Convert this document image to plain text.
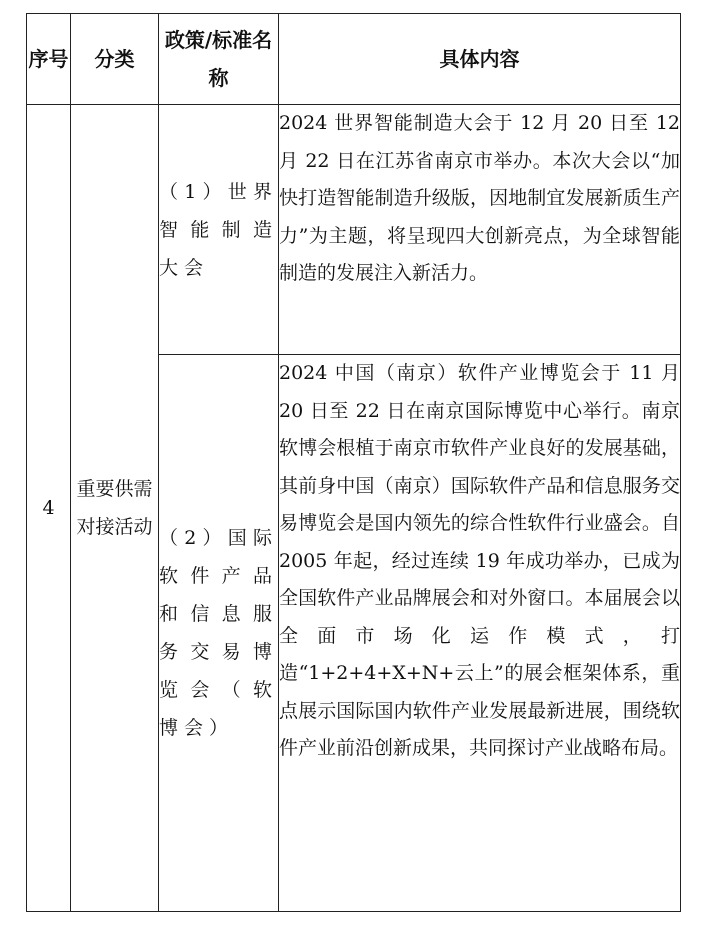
序号	分类	政策/标准名称	具体内容
4	重要供需对接活动	（1）世界智能制造大会	2024 世界智能制造大会于 12 月 20 日至 12 月 22 日在江苏省南京市举办。本次大会以“加快打造智能制造升级版，因地制宜发展新质生产力”为主题，将呈现四大创新亮点，为全球智能制造的发展注入新活力。
		（2）国际软件产品和信息服务交易博览会（软博会）	2024 中国（南京）软件产业博览会于 11 月 20 日至 22 日在南京国际博览中心举行。南京软博会根植于南京市软件产业良好的发展基础，其前身中国（南京）国际软件产品和信息服务交易博览会是国内领先的综合性软件行业盛会。自 2005 年起，经过连续 19 年成功举办，已成为全国软件产业品牌展会和对外窗口。本届展会以全面市场化运作模式，打造“1+2+4+X+N+云上”的展会框架体系，重点展示国际国内软件产业发展最新进展，围绕软件产业前沿创新成果，共同探讨产业战略布局。
